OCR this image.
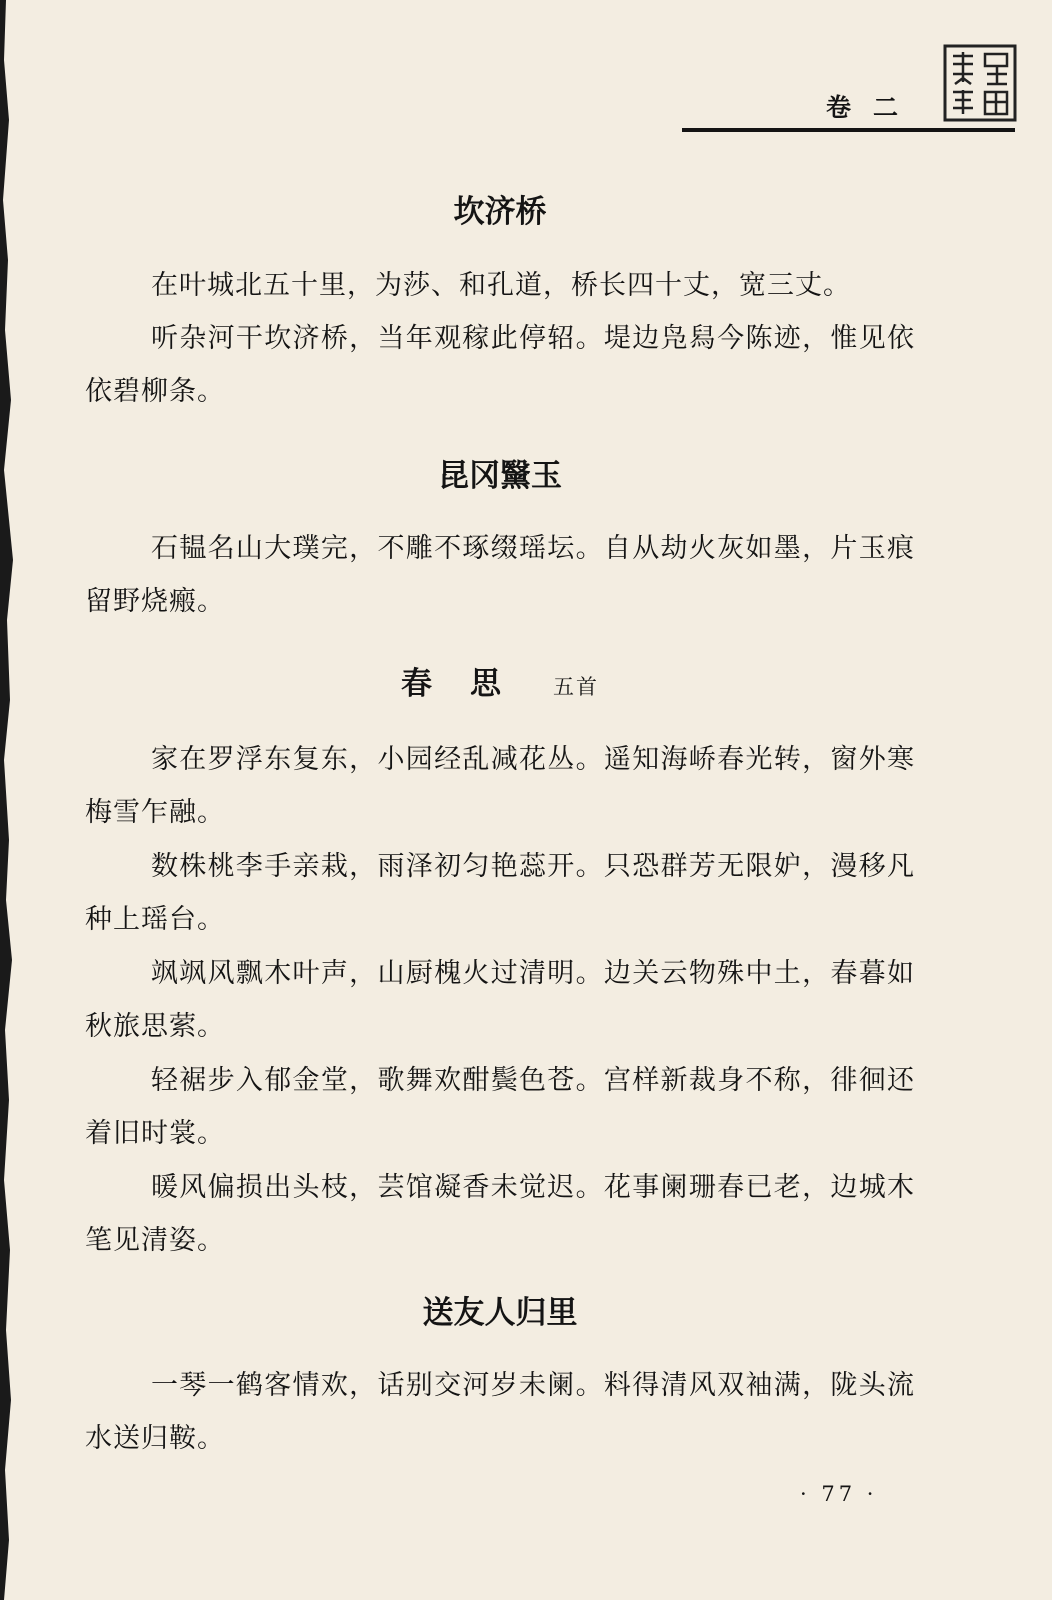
卷二
坎济桥
在叶城北五十里，为莎、和孔道，桥长四十丈，宽三丈。
听杂河干坎济桥，当年观稼此停轺。堤边凫舄今陈迹，惟见依依碧柳条。
昆冈黳玉
石韫名山大璞完，不雕不琢缀瑶坛。自从劫火灰如墨，片玉痕留野烧瘢。
春思 五首
家在罗浮东复东，小园经乱减花丛。遥知海峤春光转，窗外寒梅雪乍融。
数株桃李手亲栽，雨泽初匀艳蕊开。只恐群芳无限妒，漫移凡种上瑶台。
飒飒风飘木叶声，山厨槐火过清明。边关云物殊中土，春暮如秋旅思萦。
轻裾步入郁金堂，歌舞欢酣鬓色苍。宫样新裁身不称，徘徊还着旧时裳。
暖风偏损出头枝，芸馆凝香未觉迟。花事阑珊春已老，边城木笔见清姿。
送友人归里
一琴一鹤客情欢，话别交河岁未阑。料得清风双袖满，陇头流水送归鞍。
· 77 ·
